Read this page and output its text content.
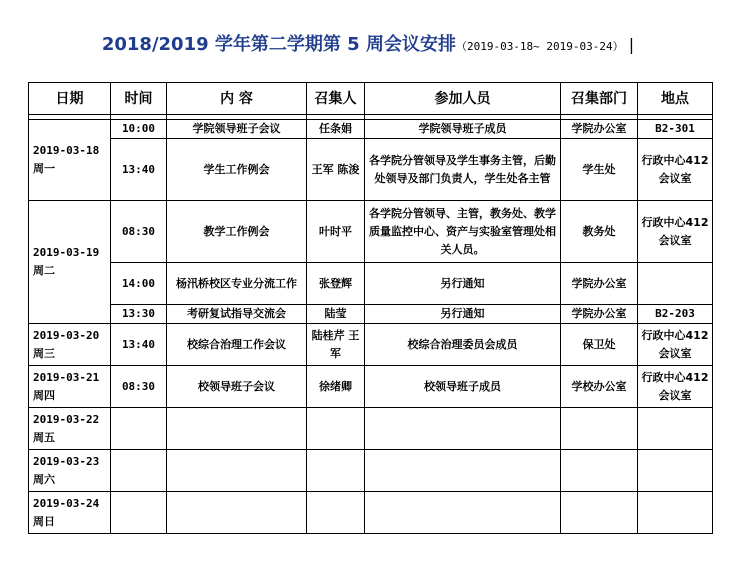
2018/2019 学年第二学期第 5 周会议安排（2019-03-18~ 2019-03-24） |
日期	时间	内 容	召集人	参加人员	召集部门	地点

2019-03-18
周一	10:00	学院领导班子会议	任条娟	学院领导班子成员	学院办公室	B2-301
	13:40	学生工作例会	王军 陈浚	各学院分管领导及学生事务主管，后勤处领导及部门负责人，学生处各主管	学生处	行政中心412会议室

2019-03-19
周二	08:30	教学工作例会	叶时平	各学院分管领导、主管，教务处、教学质量监控中心、资产与实验室管理处相关人员。	教务处	行政中心412会议室
	14:00	杨汛桥校区专业分流工作	张登辉	另行通知	学院办公室	
	13:30	考研复试指导交流会	陆莹	另行通知	学院办公室	B2-203

2019-03-20
周三	13:40	校综合治理工作会议	陆桂芹 王军	校综合治理委员会成员	保卫处	行政中心412会议室

2019-03-21
周四	08:30	校领导班子会议	徐绪卿	校领导班子成员	学校办公室	行政中心412会议室

2019-03-22
周五						

2019-03-23
周六						

2019-03-24
周日						
